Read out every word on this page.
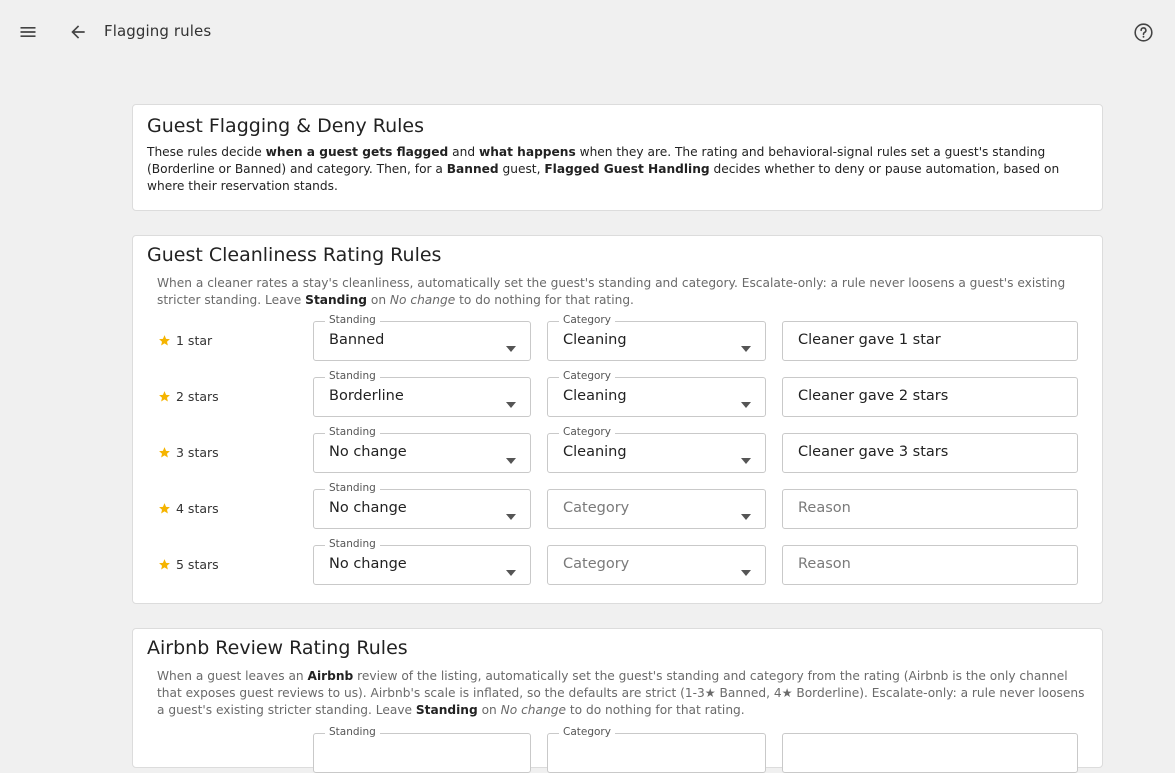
Flagging rules
Guest Flagging & Deny Rules
These rules decide when a guest gets flagged and what happens when they are. The rating and behavioral-signal rules set a guest's standing (Borderline or Banned) and category. Then, for a Banned guest, Flagged Guest Handling decides whether to deny or pause automation, based on where their reservation stands.
Guest Cleanliness Rating Rules
When a cleaner rates a stay's cleanliness, automatically set the guest's standing and category. Escalate-only: a rule never loosens a guest's existing stricter standing. Leave Standing on No change to do nothing for that rating.
1 star
Standing
Banned
Category
Cleaning	Cleaner gave 1 star
2 stars
Standing
Borderline
Category
Cleaning	Cleaner gave 2 stars
3 stars
Standing
No change
Category
Cleaning	Cleaner gave 3 stars
4 stars
Standing
No change	Category	Reason
5 stars
Standing
No change	Category	Reason
Airbnb Review Rating Rules
When a guest leaves an Airbnb review of the listing, automatically set the guest's standing and category from the rating (Airbnb is the only channel that exposes guest reviews to us). Airbnb's scale is inflated, so the defaults are strict (1-3★ Banned, 4★ Borderline). Escalate-only: a rule never loosens a guest's existing stricter standing. Leave Standing on No change to do nothing for that rating.
Standing	Category
